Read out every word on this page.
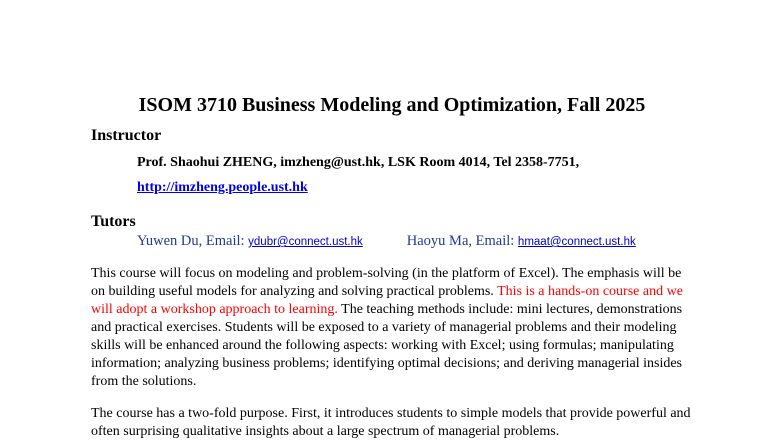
ISOM 3710 Business Modeling and Optimization, Fall 2025
Instructor
Prof. Shaohui ZHENG, imzheng@ust.hk, LSK Room 4014, Tel 2358-7751,
http://imzheng.people.ust.hk
Tutors
Yuwen Du, Email: ydubr@connect.ust.hk	Haoyu Ma, Email: hmaat@connect.ust.hk

This course will focus on modeling and problem-solving (in the platform of Excel). The emphasis will be on building useful models for analyzing and solving practical problems. This is a hands-on course and we will adopt a workshop approach to learning. The teaching methods include: mini lectures, demonstrations and practical exercises. Students will be exposed to a variety of managerial problems and their modeling skills will be enhanced around the following aspects: working with Excel; using formulas; manipulating information; analyzing business problems; identifying optimal decisions; and deriving managerial insides from the solutions.

The course has a two-fold purpose. First, it introduces students to simple models that provide powerful and often surprising qualitative insights about a large spectrum of managerial problems.
